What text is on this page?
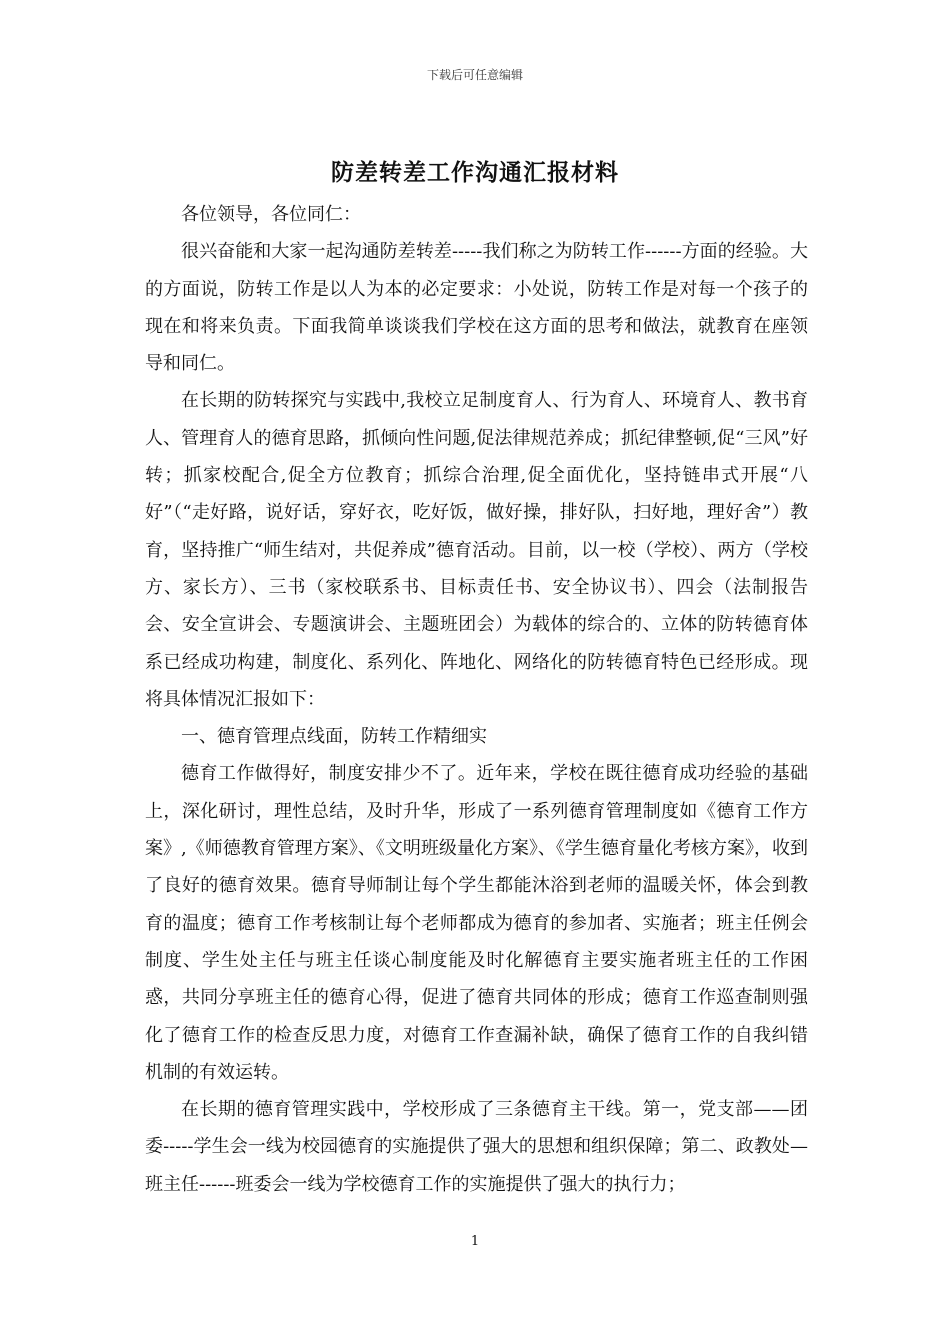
下载后可任意编辑
防差转差工作沟通汇报材料

各位领导，各位同仁：

很兴奋能和大家一起沟通防差转差-----我们称之为防转工作------方面的经验。大的方面说，防转工作是以人为本的必定要求：小处说，防转工作是对每一个孩子的现在和将来负责。下面我简单谈谈我们学校在这方面的思考和做法，就教育在座领导和同仁。

在长期的防转探究与实践中,我校立足制度育人、行为育人、环境育人、教书育人、管理育人的德育思路，抓倾向性问题,促法律规范养成；抓纪律整顿,促“三风”好转；抓家校配合,促全方位教育；抓综合治理,促全面优化，坚持链串式开展“八好”（“走好路，说好话，穿好衣，吃好饭，做好操，排好队，扫好地，理好舍”）教育，坚持推广“师生结对，共促养成”德育活动。目前，以一校（学校）、两方（学校方、家长方）、三书（家校联系书、目标责任书、安全协议书）、四会（法制报告会、安全宣讲会、专题演讲会、主题班团会）为载体的综合的、立体的防转德育体系已经成功构建，制度化、系列化、阵地化、网络化的防转德育特色已经形成。现将具体情况汇报如下：

一、德育管理点线面，防转工作精细实

德育工作做得好，制度安排少不了。近年来，学校在既往德育成功经验的基础上，深化研讨，理性总结，及时升华，形成了一系列德育管理制度如《德育工作方案》,《师德教育管理方案》、《文明班级量化方案》、《学生德育量化考核方案》，收到了良好的德育效果。德育导师制让每个学生都能沐浴到老师的温暖关怀，体会到教育的温度；德育工作考核制让每个老师都成为德育的参加者、实施者；班主任例会制度、学生处主任与班主任谈心制度能及时化解德育主要实施者班主任的工作困惑，共同分享班主任的德育心得，促进了德育共同体的形成；德育工作巡查制则强化了德育工作的检查反思力度，对德育工作查漏补缺，确保了德育工作的自我纠错机制的有效运转。

在长期的德育管理实践中，学校形成了三条德育主干线。第一，党支部——团委-----学生会一线为校园德育的实施提供了强大的思想和组织保障；第二、政教处—班主任------班委会一线为学校德育工作的实施提供了强大的执行力；

1
